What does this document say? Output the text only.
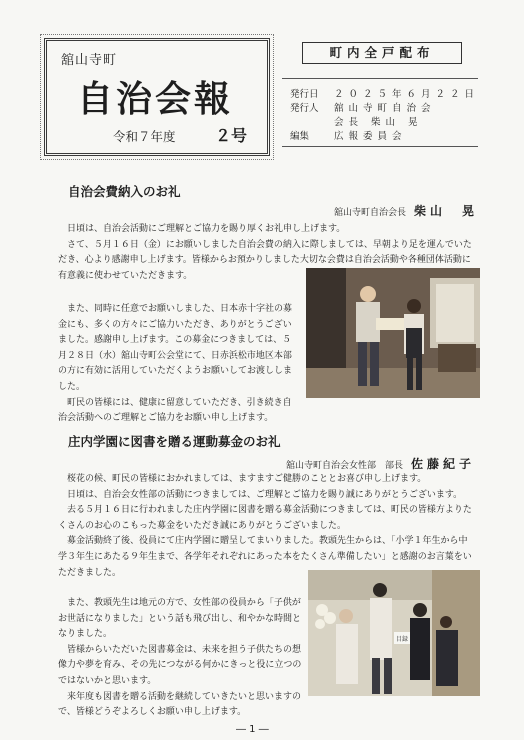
舘山寺町
自治会報
令和７年度 ２号
町内全戸配布
発行日 ２０２５年６月２２日
発行人 舘山寺町自治会
会長 柴山 晃
編集	広報委員会
自治会費納入のお礼
舘山寺町自治会長 柴山　晃

日頃は、自治会活動にご理解とご協力を賜り厚くお礼申し上げます。

さて、５月１６日（金）にお願いしました自治会費の納入に際しましては、早朝より足を運んでいただき、心より感謝申し上げます。皆様からお預かりしました大切な会費は自治会活動や各種団体活動に有意義に使わせていただきます。

また、同時に任意でお願いしました、日本赤十字社の募金にも、多くの方々にご協力いただき、ありがとうございました。感謝申し上げます。この募金につきましては、５月２８日（水）舘山寺町公会堂にて、日赤浜松市地区本部の方に有効に活用していただくようお願いしてお渡ししました。

町民の皆様には、健康に留意していただき、引き続き自治会活動へのご理解とご協力をお願い申し上げます。

庄内学園に図書を贈る運動募金のお礼
舘山寺町自治会女性部　部長 佐藤紀子

桜花の候、町民の皆様におかれましては、ますますご健勝のこととお喜び申し上げます。

日頃は、自治会女性部の活動につきましては、ご理解とご協力を賜り誠にありがとうございます。

去る５月１６日に行われました庄内学園に図書を贈る募金活動につきましては、町民の皆様方よりたくさんのお心のこもった募金をいただき誠にありがとうございました。

募金活動終了後、役員にて庄内学園に贈呈してまいりました。教頭先生からは、「小学１年生から中学３年生にあたる９年生まで、各学年それぞれにあった本をたくさん準備したい」と感謝のお言葉をいただきました。

また、教頭先生は地元の方で、女性部の役員から「子供がお世話になりました」という話も飛び出し、和やかな時間となりました。

皆様からいただいた図書募金は、未来を担う子供たちの想像力や夢を育み、その先につながる何かにきっと役に立つのではないかと思います。

来年度も図書を贈る活動を継続していきたいと思いますので、皆様どうぞよろしくお願い申し上げます。

目録
― 1 ―
